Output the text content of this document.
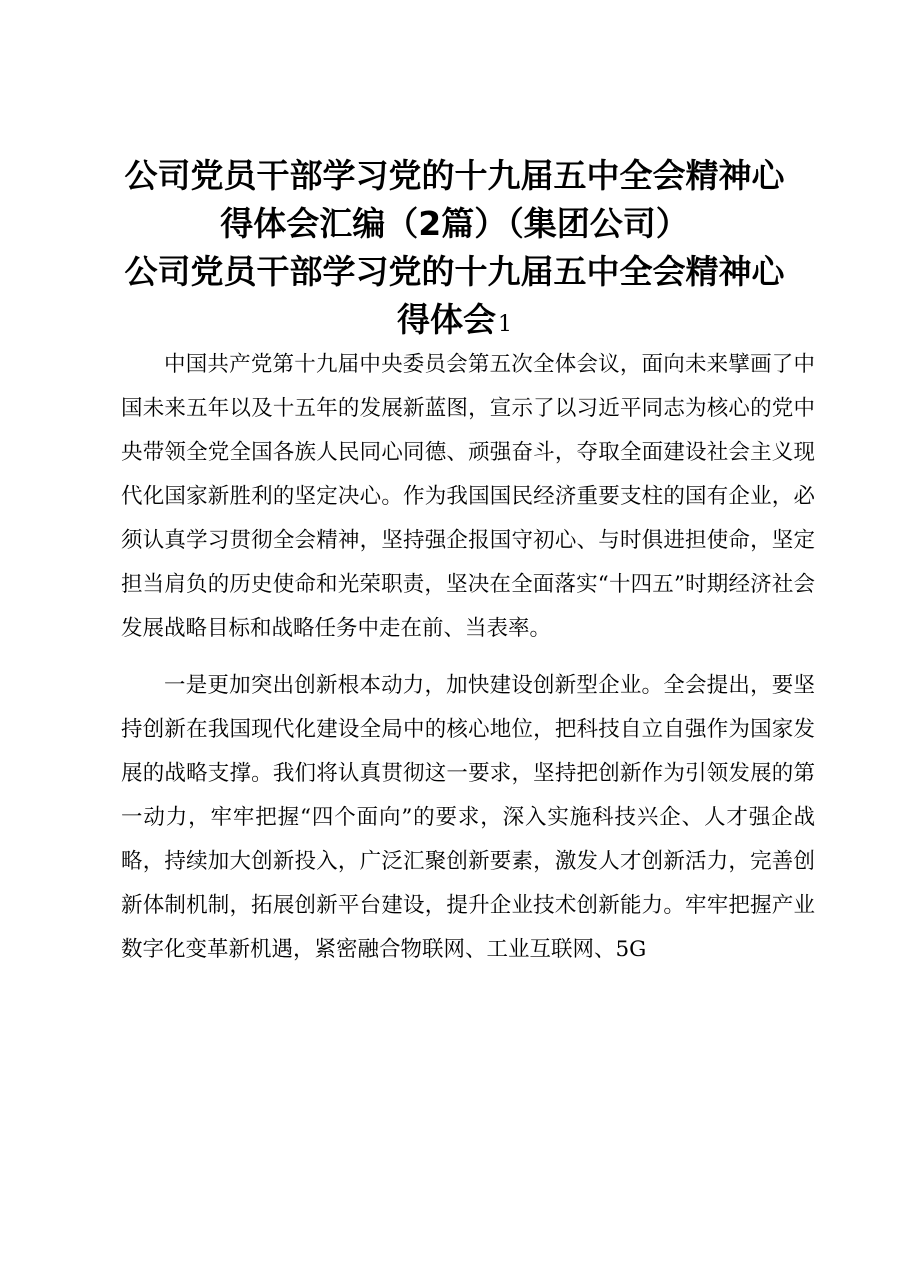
公司党员干部学习党的十九届五中全会精神心
得体会汇编（2篇）（集团公司）
公司党员干部学习党的十九届五中全会精神心
得体会1

中国共产党第十九届中央委员会第五次全体会议，面向未来擘画了中国未来五年以及十五年的发展新蓝图，宣示了以习近平同志为核心的党中央带领全党全国各族人民同心同德、顽强奋斗，夺取全面建设社会主义现代化国家新胜利的坚定决心。作为我国国民经济重要支柱的国有企业，必须认真学习贯彻全会精神，坚持强企报国守初心、与时俱进担使命，坚定担当肩负的历史使命和光荣职责，坚决在全面落实“十四五”时期经济社会发展战略目标和战略任务中走在前、当表率。

一是更加突出创新根本动力，加快建设创新型企业。全会提出，要坚持创新在我国现代化建设全局中的核心地位，把科技自立自强作为国家发展的战略支撑。我们将认真贯彻这一要求，坚持把创新作为引领发展的第一动力，牢牢把握“四个面向”的要求，深入实施科技兴企、人才强企战略，持续加大创新投入，广泛汇聚创新要素，激发人才创新活力，完善创新体制机制，拓展创新平台建设，提升企业技术创新能力。牢牢把握产业数字化变革新机遇，紧密融合物联网、工业互联网、5G
